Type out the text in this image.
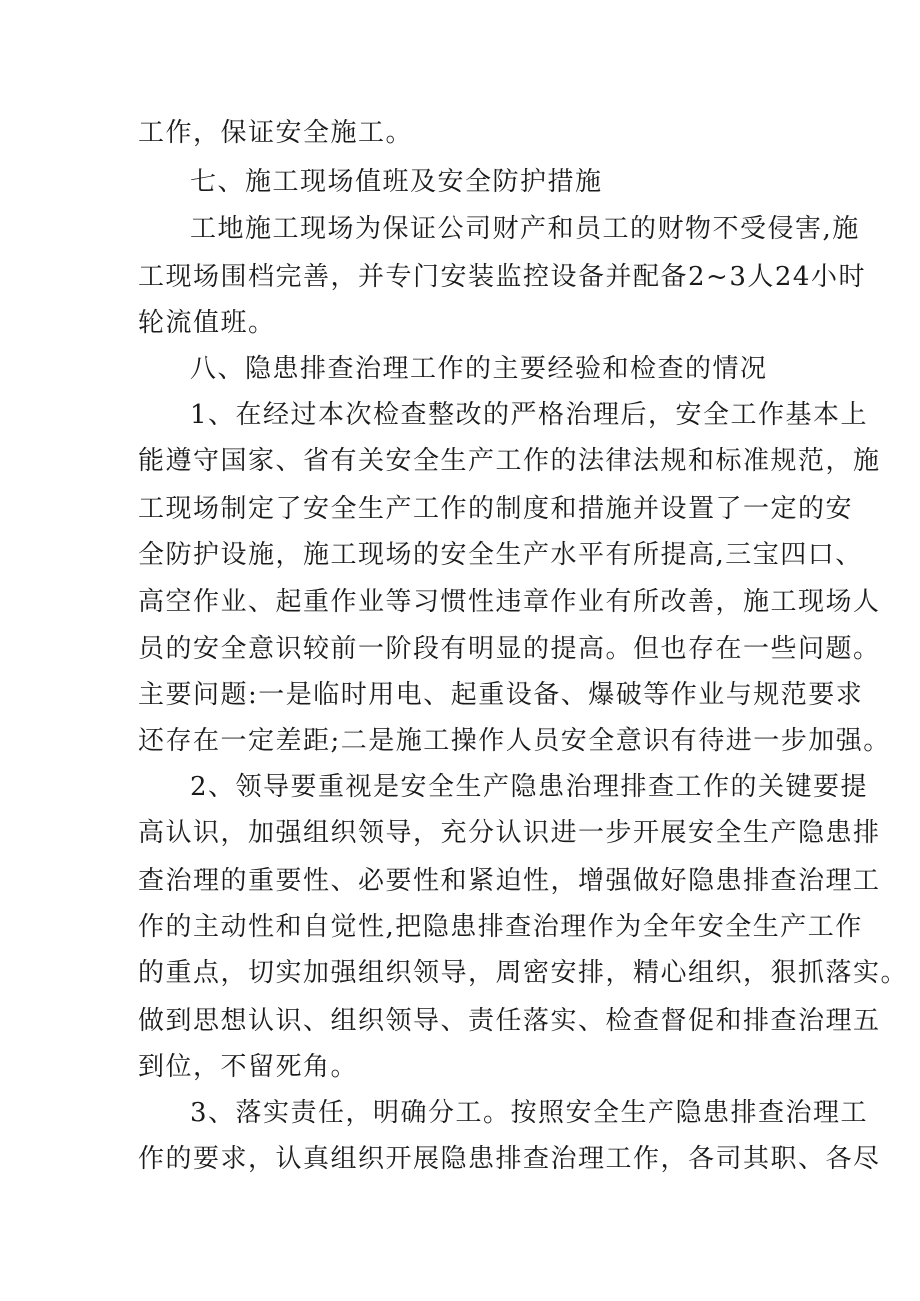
工作，保证安全施工。
七、施工现场值班及安全防护措施
工地施工现场为保证公司财产和员工的财物不受侵害,施
工现场围档完善，并专门安装监控设备并配备2~3人24小时
轮流值班。
八、隐患排查治理工作的主要经验和检查的情况
1、在经过本次检查整改的严格治理后，安全工作基本上
能遵守国家、省有关安全生产工作的法律法规和标准规范，施
工现场制定了安全生产工作的制度和措施并设置了一定的安
全防护设施，施工现场的安全生产水平有所提高,三宝四口、
高空作业、起重作业等习惯性违章作业有所改善，施工现场人
员的安全意识较前一阶段有明显的提高。但也存在一些问题。
主要问题:一是临时用电、起重设备、爆破等作业与规范要求
还存在一定差距;二是施工操作人员安全意识有待进一步加强。
2、领导要重视是安全生产隐患治理排查工作的关键要提
高认识，加强组织领导，充分认识进一步开展安全生产隐患排
查治理的重要性、必要性和紧迫性，增强做好隐患排查治理工
作的主动性和自觉性,把隐患排查治理作为全年安全生产工作
的重点，切实加强组织领导，周密安排，精心组织，狠抓落实。
做到思想认识、组织领导、责任落实、检查督促和排查治理五
到位，不留死角。
3、落实责任，明确分工。按照安全生产隐患排查治理工
作的要求，认真组织开展隐患排查治理工作，各司其职、各尽
